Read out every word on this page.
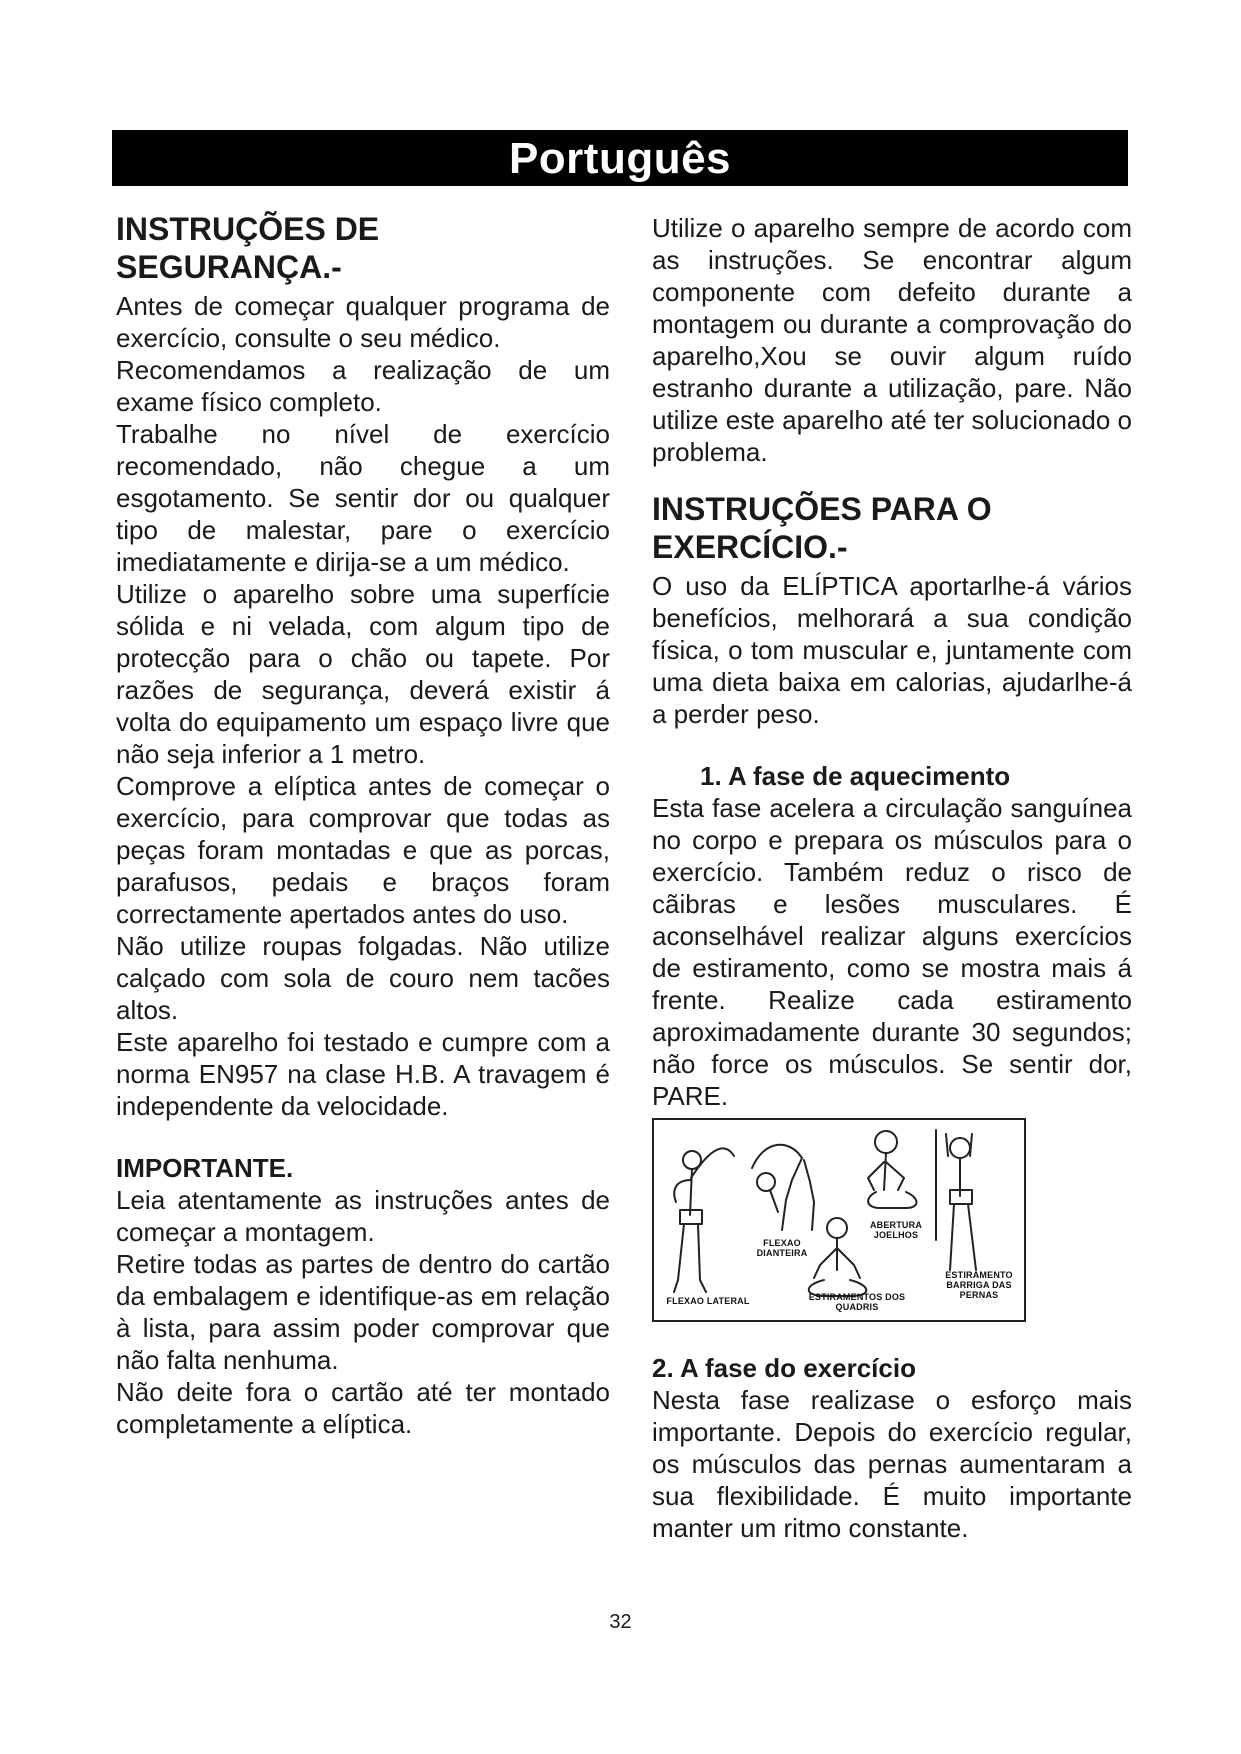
Português
INSTRUÇÕES DE SEGURANÇA.-

Antes de começar qualquer programa de exercício, consulte o seu médico.

Recomendamos a realização de um exame físico completo.

Trabalhe no nível de exercício recomendado, não chegue a um esgotamento. Se sentir dor ou qualquer tipo de malestar, pare o exercício imediatamente e dirija-se a um médico.

Utilize o aparelho sobre uma superfície sólida e ni velada, com algum tipo de protecção para o chão ou tapete. Por razões de segurança, deverá existir á volta do equipamento um espaço livre que não seja inferior a 1 metro.

Comprove a elíptica antes de começar o exercício, para comprovar que todas as peças foram montadas e que as porcas, parafusos, pedais e braços foram correctamente apertados antes do uso.

Não utilize roupas folgadas. Não utilize calçado com sola de couro nem tacões altos.

Este aparelho foi testado e cumpre com a norma EN957 na clase H.B. A travagem é independente da velocidade.

IMPORTANTE.

Leia atentamente as instruções antes de começar a montagem.

Retire todas as partes de dentro do cartão da embalagem e identifique-as em relação à lista, para assim poder comprovar que não falta nenhuma.

Não deite fora o cartão até ter montado completamente a elíptica.

Utilize o aparelho sempre de acordo com as instruções. Se encontrar algum componente com defeito durante a montagem ou durante a comprovação do aparelho,Xou se ouvir algum ruído estranho durante a utilização, pare. Não utilize este aparelho até ter solucionado o problema.

INSTRUÇÕES PARA O EXERCÍCIO.-

O uso da ELÍPTICA aportarlhe-á vários benefícios, melhorará a sua condição física, o tom muscular e, juntamente com uma dieta baixa em calorias, ajudarlhe-á a perder peso.

1. A fase de aquecimento

Esta fase acelera a circulação sanguínea no corpo e prepara os músculos para o exercício. Também reduz o risco de cãibras e lesões musculares. É aconselhável realizar alguns exercícios de estiramento, como se mostra mais á frente. Realize cada estiramento aproximadamente durante 30 segundos; não force os músculos. Se sentir dor, PARE.

FLEXAO LATERAL
FLEXAO DIANTEIRA
ESTIRAMENTOS DOS QUADRIS
ABERTURA JOELHOS
ESTIRAMENTO BARRIGA DAS PERNAS
2. A fase do exercício

Nesta fase realizase o esforço mais importante. Depois do exercício regular, os músculos das pernas aumentaram a sua flexibilidade. É muito importante manter um ritmo constante.

32
